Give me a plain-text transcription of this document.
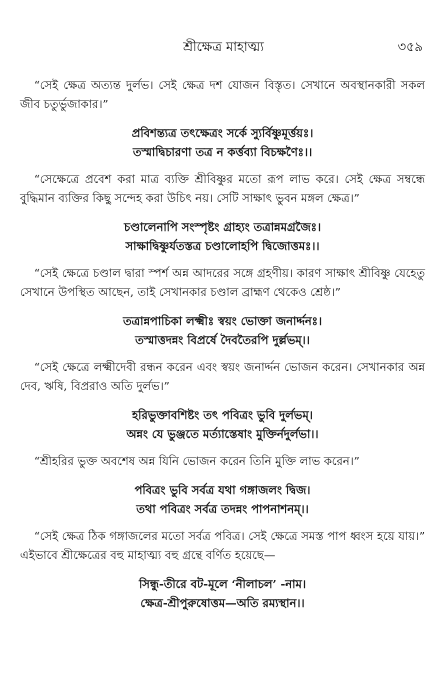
শ্রীক্ষেত্র মাহাত্ম্য	৩৫৯

“সেই ক্ষেত্র অত্যন্ত দুর্লভ। সেই ক্ষেত্র দশ যোজন বিস্তৃত। সেখানে অবস্থানকারী সকল জীব চতুর্ভুজাকার।”

প্রবিশন্ত্যত্র তৎক্ষেত্রং সর্কে স্যুর্বিষ্ণুমূর্ত্তয়ঃ।
তস্মাদ্বিচারণা তত্র ন কর্ত্তব্যা বিচক্ষণৈঃ।।

“সেক্ষেত্রে প্রবেশ করা মাত্র ব্যক্তি শ্রীবিষ্ণুর মতো রূপ লাভ করে। সেই ক্ষেত্র সম্বন্ধে বুদ্ধিমান ব্যক্তির কিছু সন্দেহ করা উচিৎ নয়। সেটি সাক্ষাৎ ভুবন মঙ্গল ক্ষেত্র।”

চণ্ডালেনাপি সংস্পৃষ্টং গ্রাহ্যং তত্রান্নমগ্রজৈঃ।
সাক্ষাদ্বিষ্ণুর্যতস্তত্র চণ্ডালোহপি দ্বিজোত্তমঃ।।

“সেই ক্ষেত্রে চণ্ডাল দ্বারা স্পর্শ অন্ন আদরের সঙ্গে গ্রহণীয়। কারণ সাক্ষাৎ শ্রীবিষ্ণু যেহেতু সেখানে উপস্থিত আছেন, তাই সেখানকার চণ্ডাল ব্রাহ্মণ থেকেও শ্রেষ্ঠ।”

তত্রান্নপাচিকা লক্ষ্মীঃ স্বয়ং ভোক্তা জনার্দ্দনঃ।
তস্মাত্তদন্নং বিপ্রর্ষে দৈবতৈরপি দুর্ল্লভম্।।

“সেই ক্ষেত্রে লক্ষ্মীদেবী রন্ধন করেন এবং স্বয়ং জনার্দ্দন ভোজন করেন। সেখানকার অন্ন দেব, ঋষি, বিপ্ররাও অতি দুর্লভ।”

হরিভুক্তাবশিষ্টং তৎ পবিত্রং ভুবি দুর্লভম্।
অন্নং যে ভুঞ্জতে মর্ত্যাস্তেষাং মুক্তির্নদুর্লভা।।

“শ্রীহরির ভুক্ত অবশেষ অন্ন যিনি ভোজন করেন তিনি মুক্তি লাভ করেন।”

পবিত্রং ভুবি সর্বত্র যথা গঙ্গাজলং দ্বিজ।
তথা পবিত্রং সর্বত্র তদন্নং পাপনাশনম্।।

“সেই ক্ষেত্র ঠিক গঙ্গাজলের মতো সর্বত্র পবিত্র। সেই ক্ষেত্রে সমস্ত পাপ ধ্বংস হয়ে যায়।” এইভাবে শ্রীক্ষেত্রের বহু মাহাত্ম্য বহু গ্রন্থে বর্ণিত হয়েছে—

সিন্ধু-তীরে বট-মূলে ‘নীলাচল’ -নাম।
ক্ষেত্র-শ্রীপুরুষোত্তম—অতি রম্যস্থান।।
